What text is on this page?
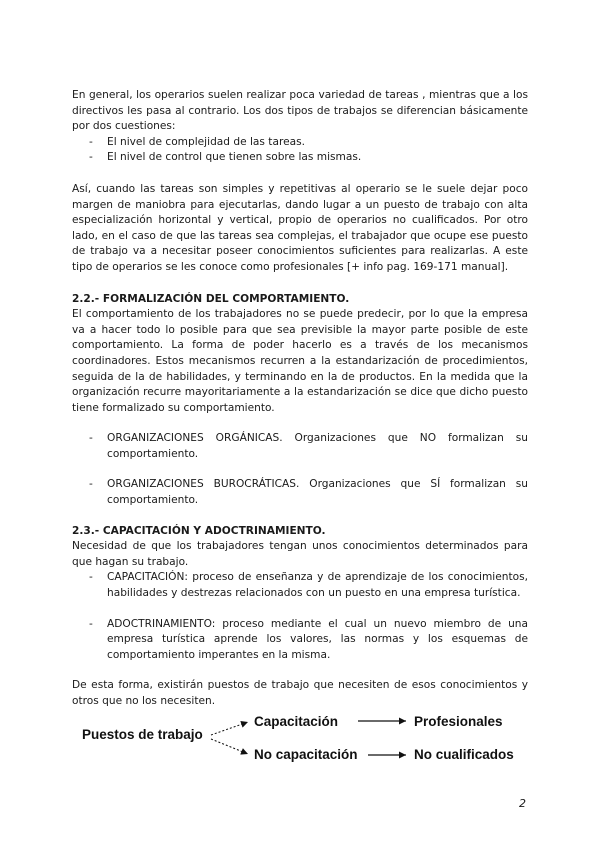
En general, los operarios suelen realizar poca variedad de tareas , mientras que a los directivos les pasa al contrario. Los dos tipos de trabajos se diferencian básicamente por dos cuestiones:

- El nivel de complejidad de las tareas.
- El nivel de control que tienen sobre las mismas.

Así, cuando las tareas son simples y repetitivas al operario se le suele dejar poco margen de maniobra para ejecutarlas, dando lugar a un puesto de trabajo con alta especialización horizontal y vertical, propio de operarios no cualificados. Por otro lado, en el caso de que las tareas sea complejas, el trabajador que ocupe ese puesto de trabajo va a necesitar poseer conocimientos suficientes para realizarlas. A este tipo de operarios se les conoce como profesionales [+ info pag. 169-171 manual].

2.2.- FORMALIZACIÓN DEL COMPORTAMIENTO.

El comportamiento de los trabajadores no se puede predecir, por lo que la empresa va a hacer todo lo posible para que sea previsible la mayor parte posible de este comportamiento. La forma de poder hacerlo es a través de los mecanismos coordinadores. Estos mecanismos recurren a la estandarización de procedimientos, seguida de la de habilidades, y terminando en la de productos. En la medida que la organización recurre mayoritariamente a la estandarización se dice que dicho puesto tiene formalizado su comportamiento.

- ORGANIZACIONES ORGÁNICAS. Organizaciones que NO formalizan su comportamiento.
- ORGANIZACIONES BUROCRÁTICAS. Organizaciones que SÍ formalizan su comportamiento.
2.3.- CAPACITACIÓN Y ADOCTRINAMIENTO.

Necesidad de que los trabajadores tengan unos conocimientos determinados para que hagan su trabajo.

- CAPACITACIÓN: proceso de enseñanza y de aprendizaje de los conocimientos, habilidades y destrezas relacionados con un puesto en una empresa turística.
- ADOCTRINAMIENTO: proceso mediante el cual un nuevo miembro de una empresa turística aprende los valores, las normas y los esquemas de comportamiento imperantes en la misma.

De esta forma, existirán puestos de trabajo que necesiten de esos conocimientos y otros que no los necesiten.

Puestos de trabajo
Capacitación
No capacitación
Profesionales
No cualificados
2
